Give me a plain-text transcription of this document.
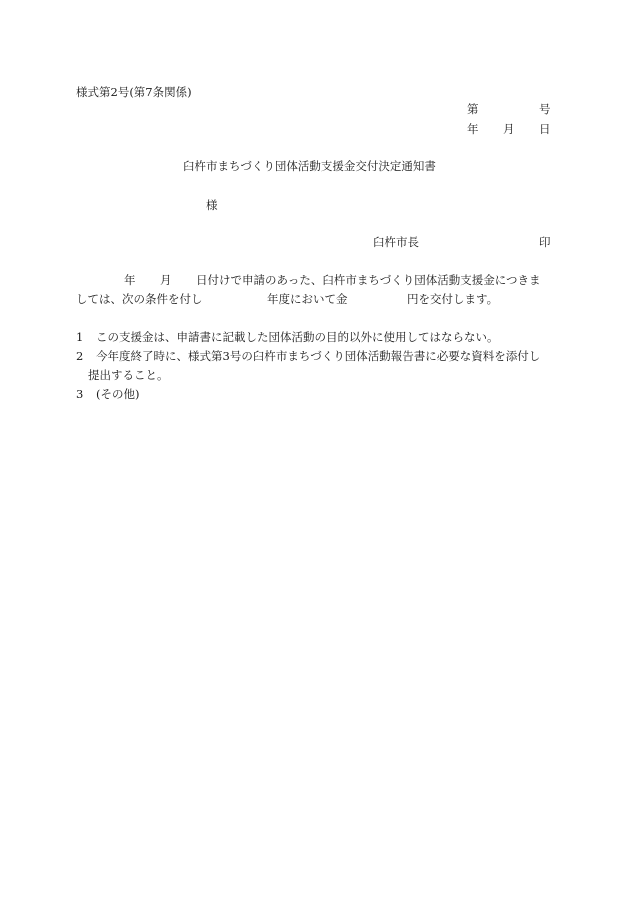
様式第2号(第7条関係)
第	号
年 月 日
臼杵市まちづくり団体活動支援金交付決定通知書
様
臼杵市長	印
年 月 日付けで申請のあった、臼杵市まちづくり団体活動支援金につきま
しては、次の条件を付し	年度において金	円を交付します。
1 この支援金は、申請書に記載した団体活動の目的以外に使用してはならない。
2 今年度終了時に、様式第3号の臼杵市まちづくり団体活動報告書に必要な資料を添付し
提出すること。
3 (その他)
